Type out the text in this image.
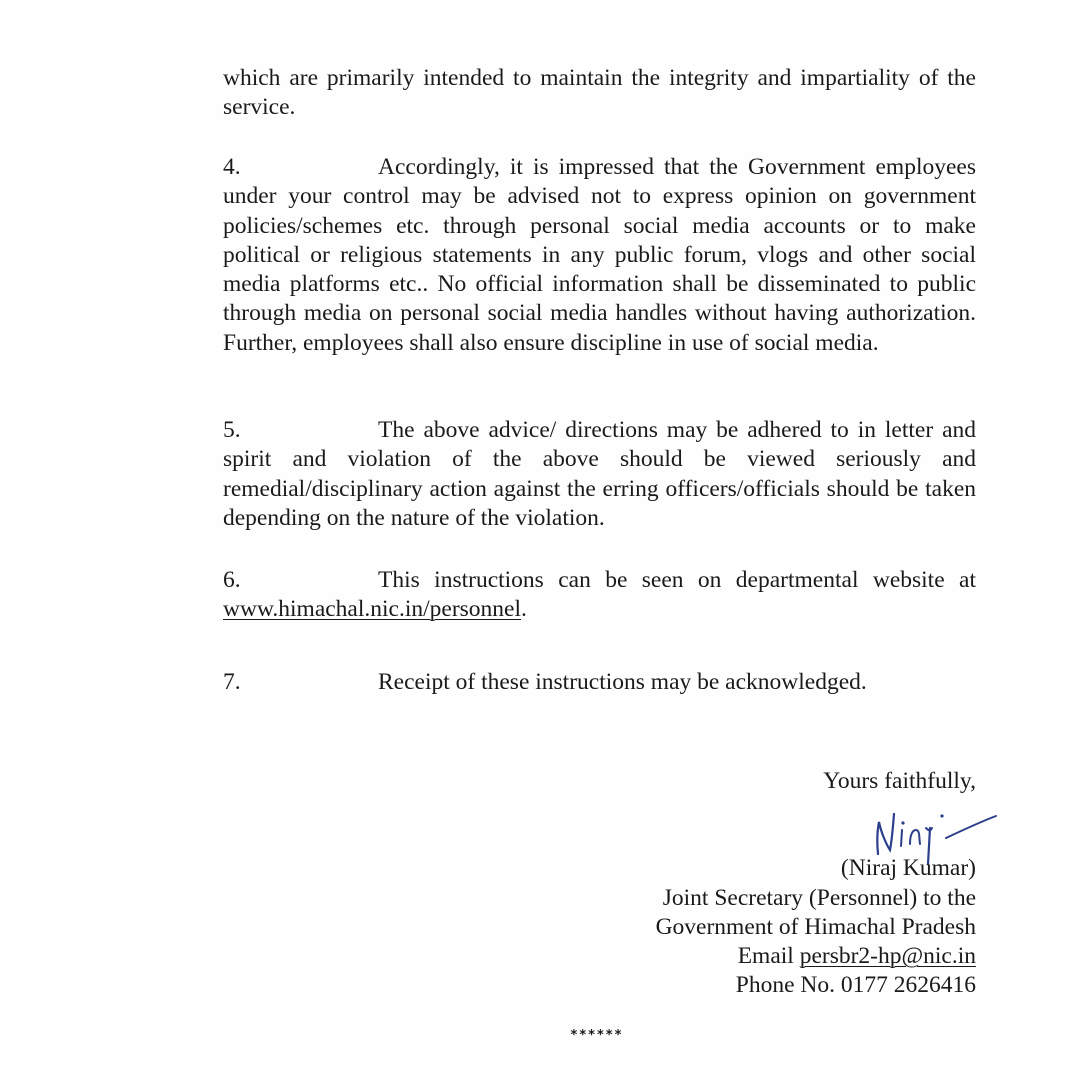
which are primarily intended to maintain the integrity and impartiality of the service.
4.	Accordingly, it is impressed that the Government employees under your control may be advised not to express opinion on government policies/schemes etc. through personal social media accounts or to make political or religious statements in any public forum, vlogs and other social media platforms etc.. No official information shall be disseminated to public through media on personal social media handles without having authorization. Further, employees shall also ensure discipline in use of social media.
5.	The above advice/ directions may be adhered to in letter and spirit and violation of the above should be viewed seriously and remedial/disciplinary action against the erring officers/officials should be taken depending on the nature of the violation.
6.	This instructions can be seen on departmental website at www.himachal.nic.in/personnel.
7.	Receipt of these instructions may be acknowledged.
Yours faithfully,
(Niraj Kumar)
Joint Secretary (Personnel) to the
Government of Himachal Pradesh
Email persbr2-hp@nic.in
Phone No. 0177 2626416
******
